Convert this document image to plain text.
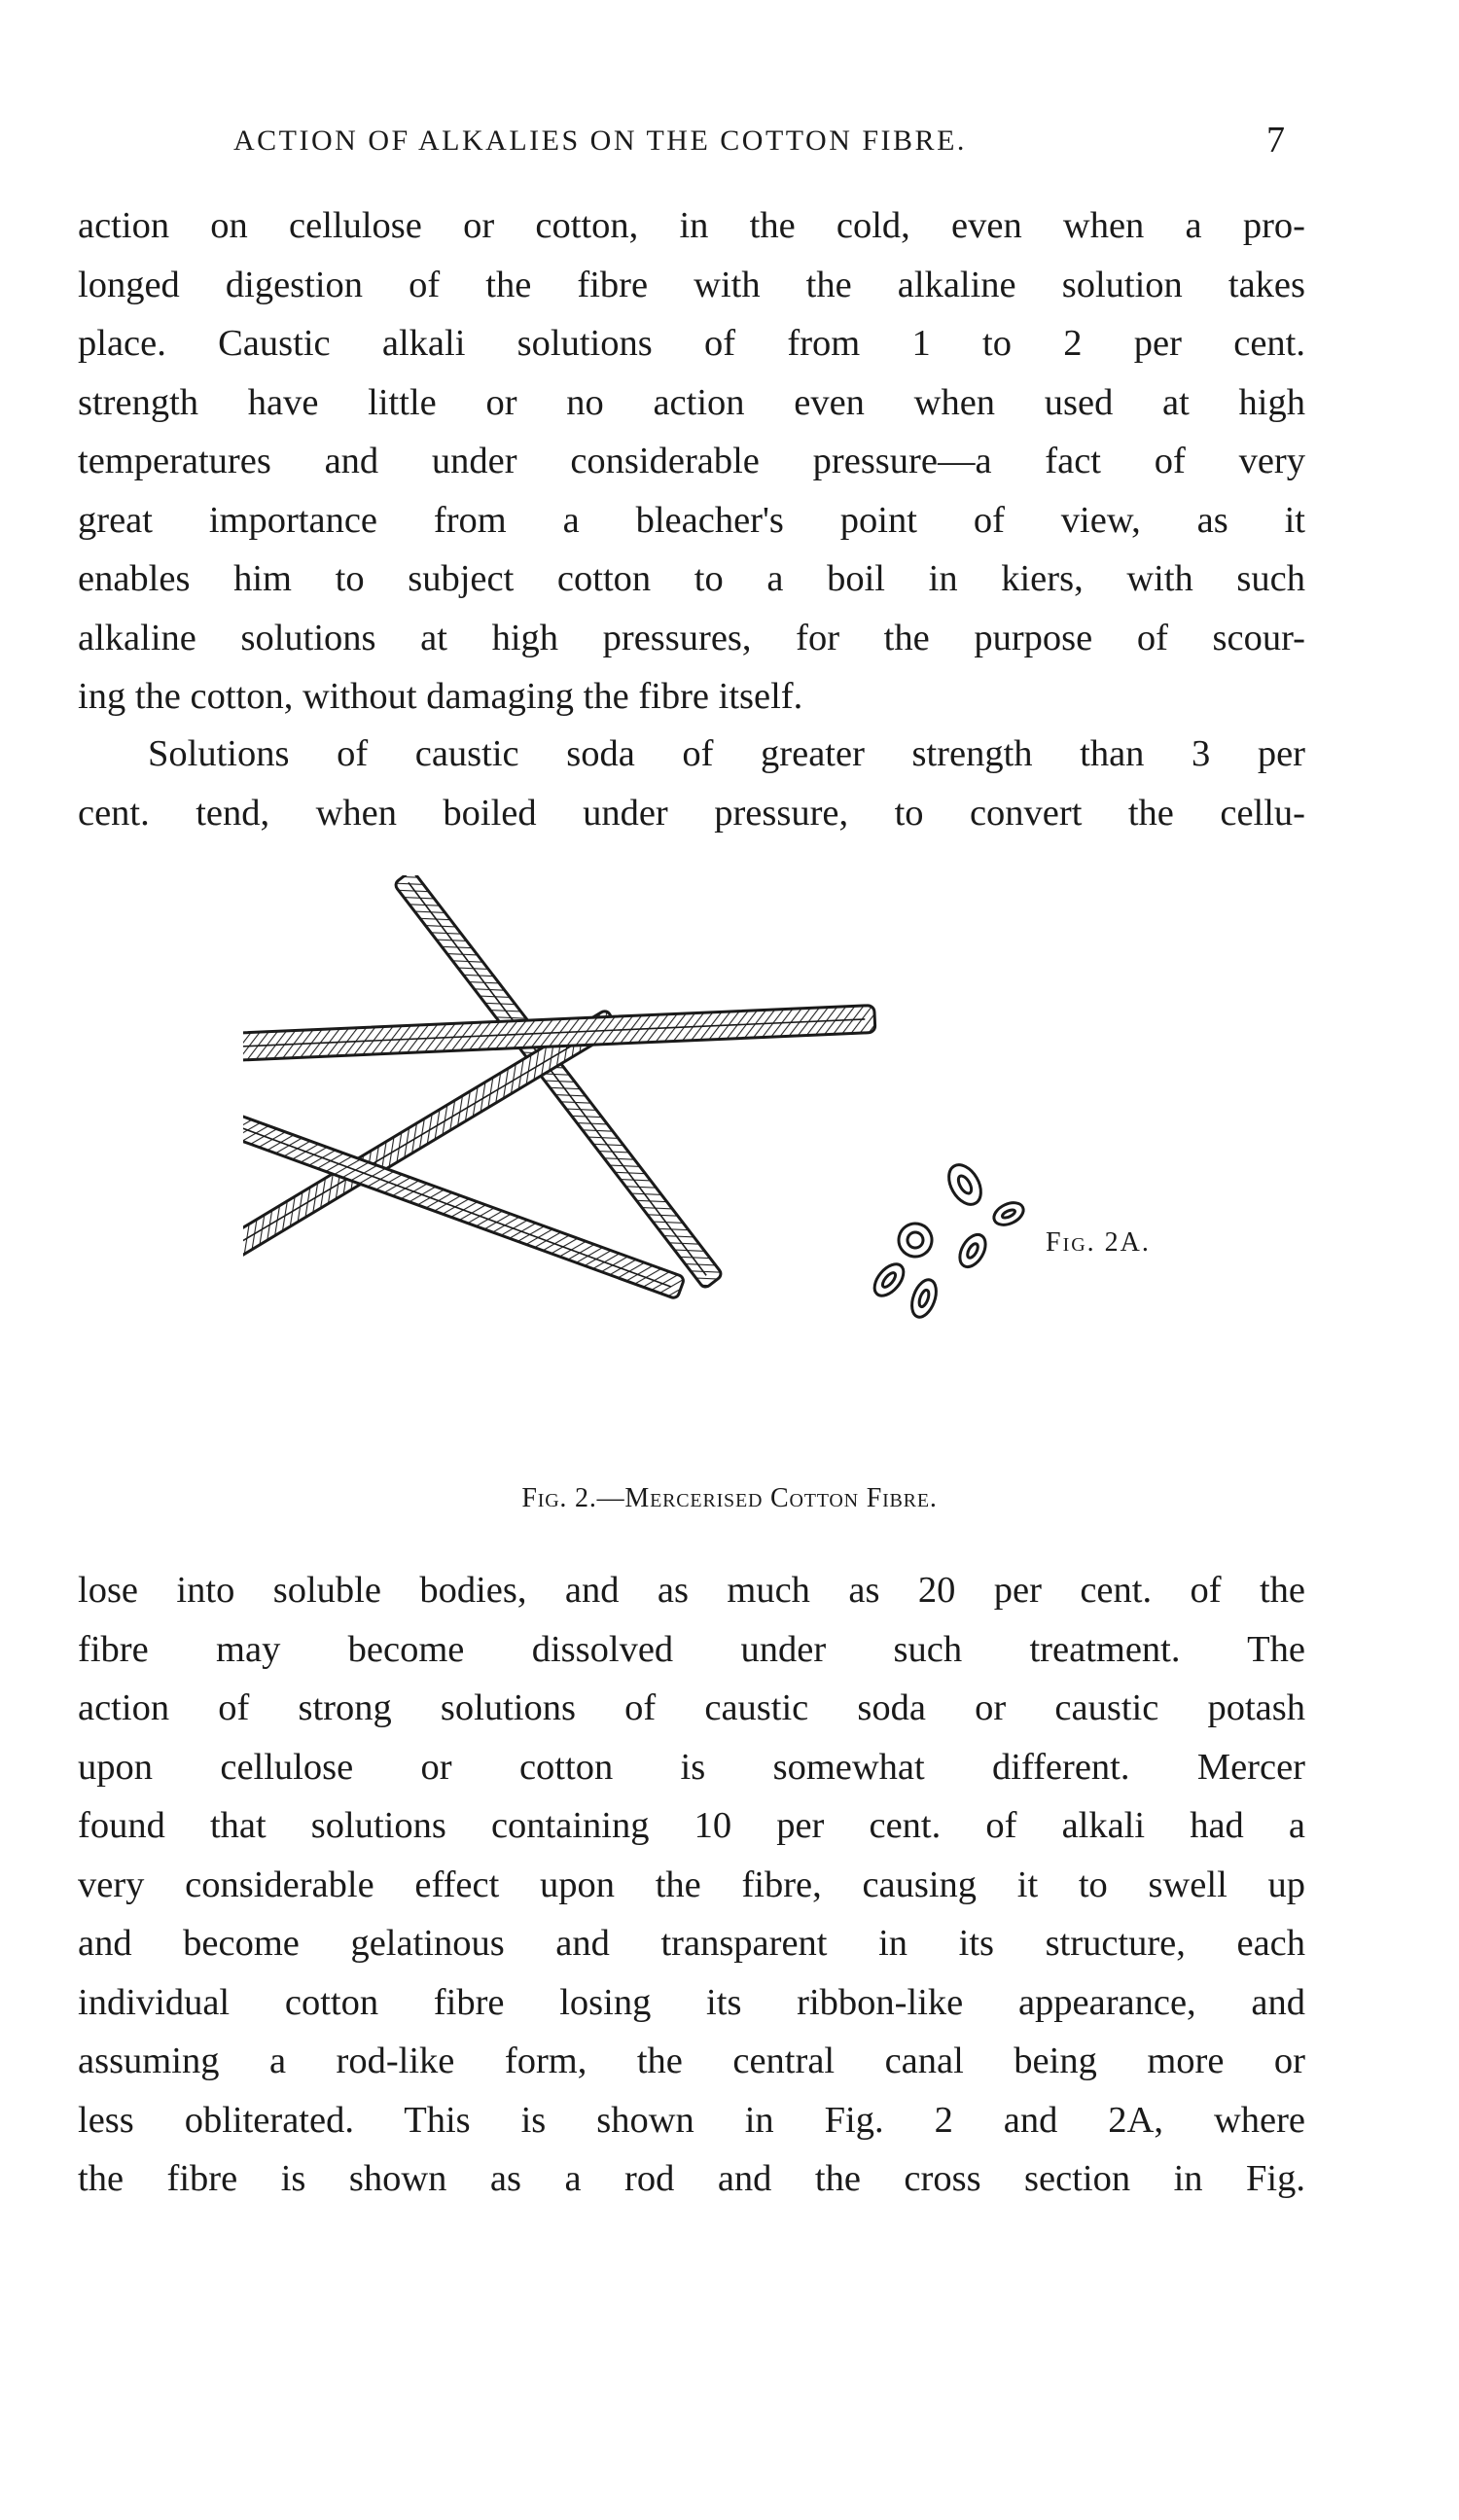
ACTION OF ALKALIES ON THE COTTON FIBRE.	7
action on cellulose or cotton, in the cold, even when a pro-
longed digestion of the fibre with the alkaline solution takes
place. Caustic alkali solutions of from 1 to 2 per cent.
strength have little or no action even when used at high
temperatures and under considerable pressure—a fact of very
great importance from a bleacher's point of view, as it
enables him to subject cotton to a boil in kiers, with such
alkaline solutions at high pressures, for the purpose of scour-
ing the cotton, without damaging the fibre itself.
Solutions of caustic soda of greater strength than 3 per
cent. tend, when boiled under pressure, to convert the cellu-
Fig. 2A.
Fig. 2.—Mercerised Cotton Fibre.
lose into soluble bodies, and as much as 20 per cent. of the
fibre may become dissolved under such treatment. The
action of strong solutions of caustic soda or caustic potash
upon cellulose or cotton is somewhat different. Mercer
found that solutions containing 10 per cent. of alkali had a
very considerable effect upon the fibre, causing it to swell up
and become gelatinous and transparent in its structure, each
individual cotton fibre losing its ribbon-like appearance, and
assuming a rod-like form, the central canal being more or
less obliterated. This is shown in Fig. 2 and 2A, where
the fibre is shown as a rod and the cross section in Fig.
